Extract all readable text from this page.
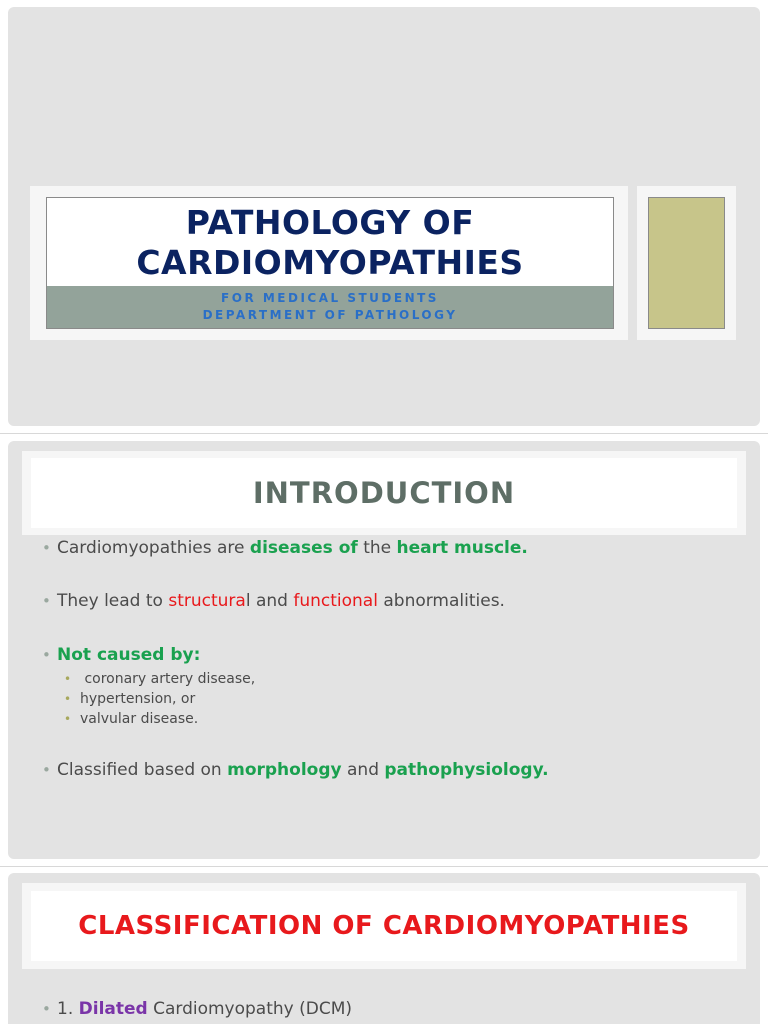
PATHOLOGY OF
CARDIOMYOPATHIES
FOR MEDICAL STUDENTS
DEPARTMENT OF PATHOLOGY
INTRODUCTION
• Cardiomyopathies are diseases of the heart muscle.
• They lead to structural and functional abnormalities.
• Not caused by:
•  coronary artery disease,
• hypertension, or
• valvular disease.
• Classified based on morphology and pathophysiology.
CLASSIFICATION OF CARDIOMYOPATHIES
• 1. Dilated Cardiomyopathy (DCM)
